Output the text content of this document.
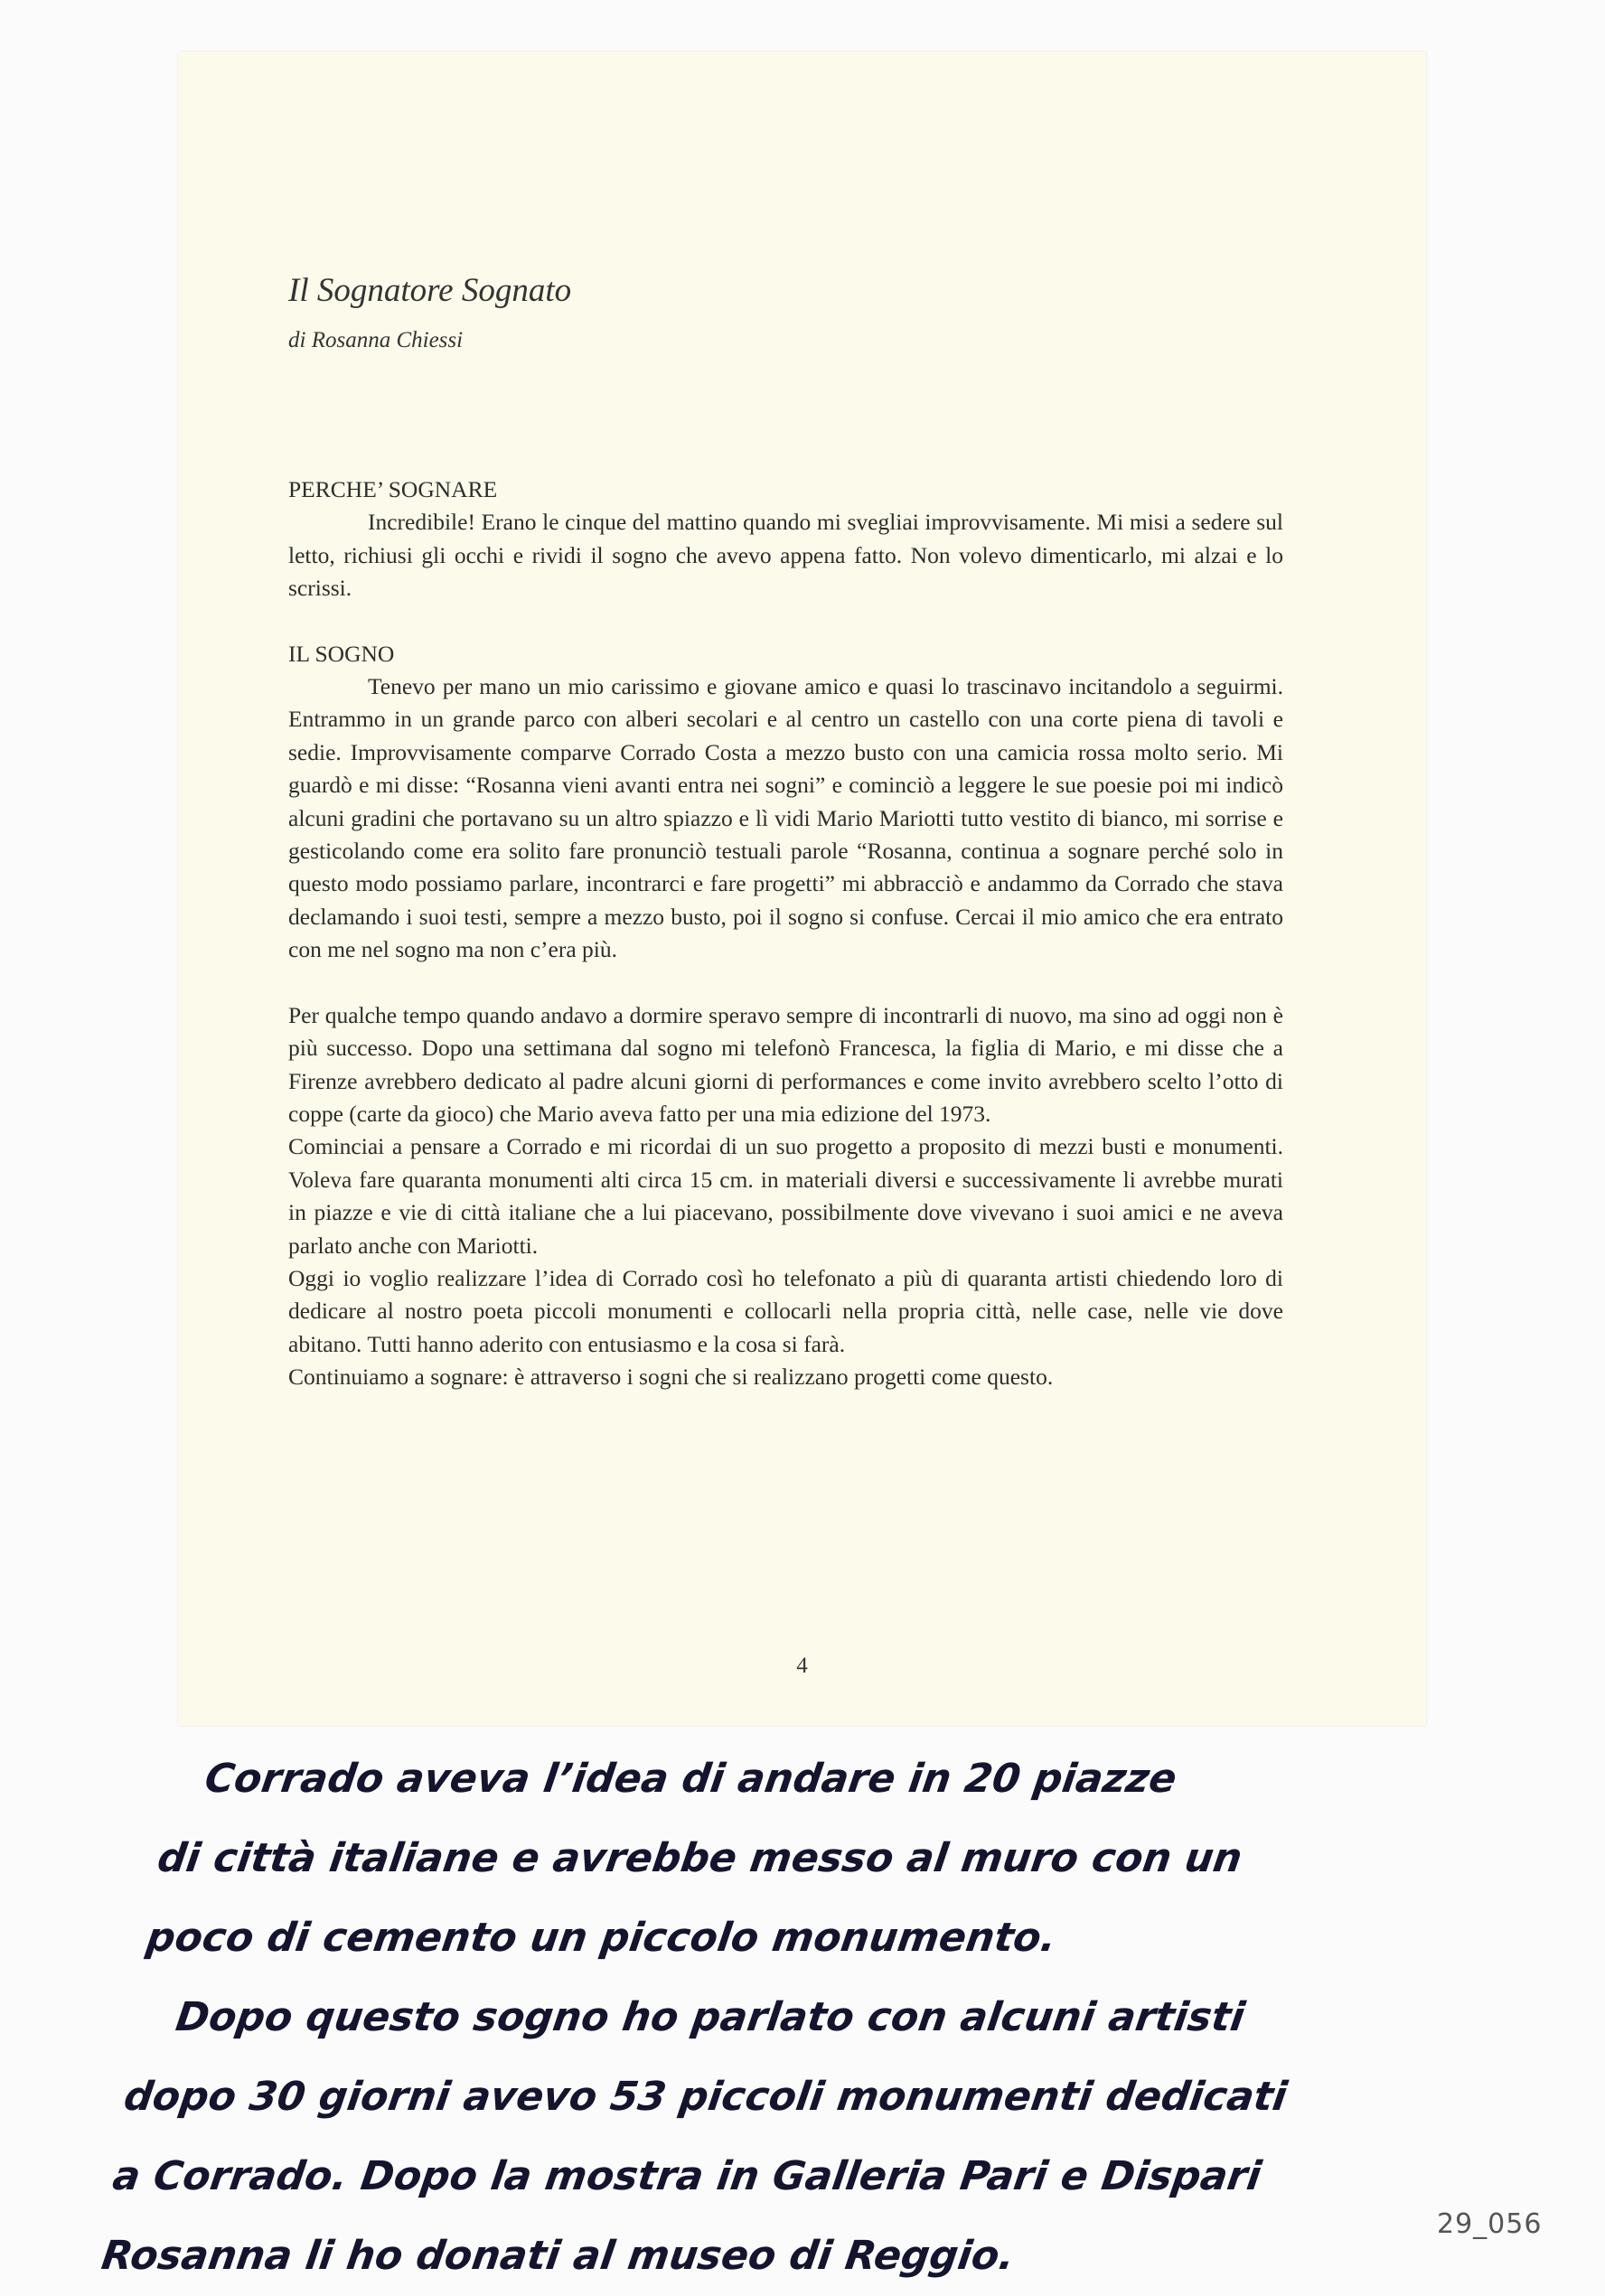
Il Sognatore Sognato
di Rosanna Chiessi

PERCHE’ SOGNARE

Incredibile! Erano le cinque del mattino quando mi svegliai improvvisamente. Mi misi a sedere sul letto, richiusi gli occhi e rividi il sogno che avevo appena fatto. Non volevo dimenticarlo, mi alzai e lo scrissi.

IL SOGNO

Tenevo per mano un mio carissimo e giovane amico e quasi lo trascinavo incitandolo a seguirmi. Entrammo in un grande parco con alberi secolari e al centro un castello con una corte piena di tavoli e sedie. Improvvisamente comparve Corrado Costa a mezzo busto con una camicia rossa molto serio. Mi guardò e mi disse: “Rosanna vieni avanti entra nei sogni” e cominciò a leggere le sue poesie poi mi indicò alcuni gradini che portavano su un altro spiazzo e lì vidi Mario Mariotti tutto vestito di bianco, mi sorrise e gesticolando come era solito fare pronunciò testuali parole “Rosanna, continua a sognare perché solo in questo modo possiamo parlare, incontrarci e fare progetti” mi abbracciò e andammo da Corrado che stava declamando i suoi testi, sempre a mezzo busto, poi il sogno si confuse. Cercai il mio amico che era entrato con me nel sogno ma non c’era più.

Per qualche tempo quando andavo a dormire speravo sempre di incontrarli di nuovo, ma sino ad oggi non è più successo. Dopo una settimana dal sogno mi telefonò Francesca, la figlia di Mario, e mi disse che a Firenze avrebbero dedicato al padre alcuni giorni di performances e come invito avrebbero scelto l’otto di coppe (carte da gioco) che Mario aveva fatto per una mia edizione del 1973.

Cominciai a pensare a Corrado e mi ricordai di un suo progetto a proposito di mezzi busti e monumenti. Voleva fare quaranta monumenti alti circa 15 cm. in materiali diversi e successivamente li avrebbe murati in piazze e vie di città italiane che a lui piacevano, possibilmente dove vivevano i suoi amici e ne aveva parlato anche con Mariotti.

Oggi io voglio realizzare l’idea di Corrado così ho telefonato a più di quaranta artisti chiedendo loro di dedicare al nostro poeta piccoli monumenti e collocarli nella propria città, nelle case, nelle vie dove abitano. Tutti hanno aderito con entusiasmo e la cosa si farà.

Continuiamo a sognare: è attraverso i sogni che si realizzano progetti come questo.

4
Corrado aveva l’idea di andare in 20 piazze
di città italiane e avrebbe messo al muro con un
poco di cemento un piccolo monumento.
Dopo questo sogno ho parlato con alcuni artisti
dopo 30 giorni avevo 53 piccoli monumenti dedicati
a Corrado. Dopo la mostra in Galleria Pari e Dispari
Rosanna li ho donati al museo di Reggio.
29_056
